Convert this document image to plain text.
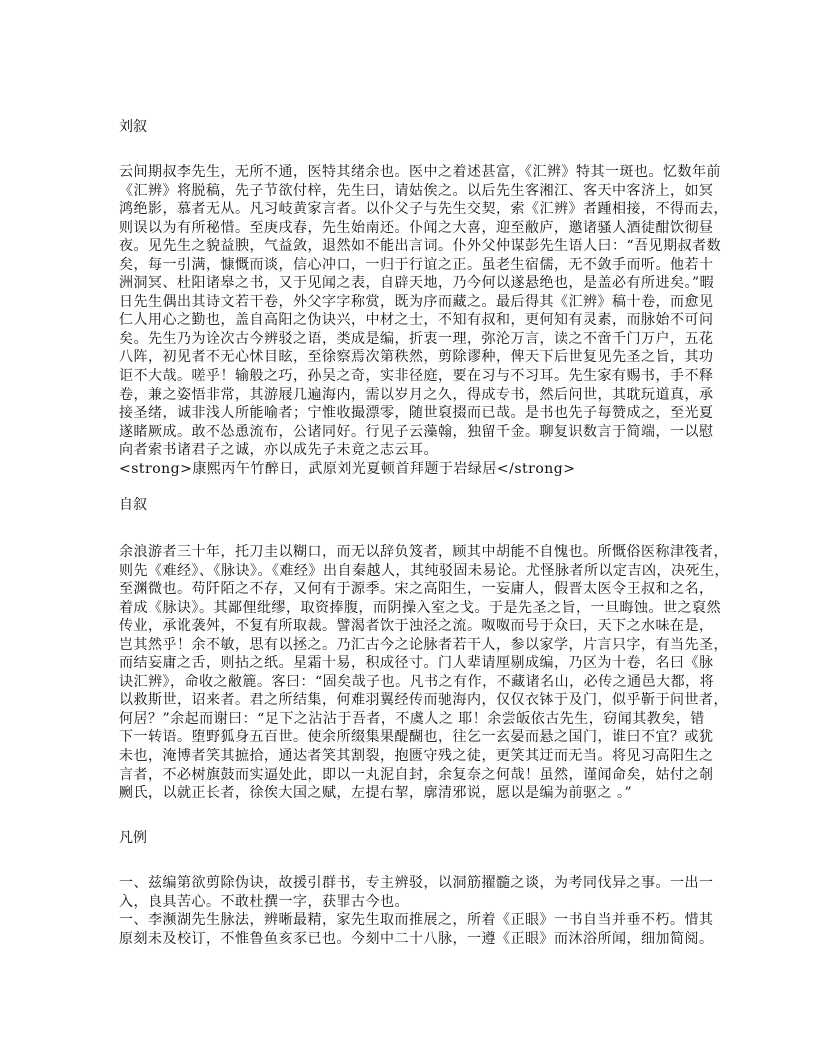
刘叙
云间期叔李先生，无所不通，医特其绪余也。医中之着述甚富，《汇辨》特其一斑也。忆数年前
《汇辨》将脱稿，先子节欲付梓，先生曰，请姑俟之。以后先生客湘江、客天中客济上，如冥
鸿绝影，慕者无从。凡习岐黄家言者。以仆父子与先生交契，索《汇辨》者踵相接，不得而去，
则误以为有所秘惜。至庚戌春，先生始南还。仆闻之大喜，迎至敝庐，邀诸骚人酒徒酣饮彻昼
夜。见先生之貌益腴，气益敛，退然如不能出言词。仆外父仲谋彭先生语人曰：“吾见期叔者数
矣，每一引满，慷慨而谈，信心冲口，一归于行谊之正。虽老生宿儒，无不敛手而听。他若十
洲洞冥、杜阳诸皋之书，又于见闻之表，自辟天地，乃今何以遂悬绝也，是盖必有所进矣。”暇
日先生偶出其诗文若干卷，外父字字称赏，既为序而藏之。最后得其《汇辨》稿十卷，而愈见
仁人用心之勤也，盖自高阳之伪诀兴，中材之士，不知有叔和，更何知有灵素，而脉始不可问
矣。先生乃为诠次古今辨驳之语，类成是编，折衷一理，弥沦万言，读之不啻千门万户，五花
八阵，初见者不无心怵目眩，至徐察焉次第秩然，剪除谬种，俾天下后世复见先圣之旨，其功
讵不大哉。嗟乎！输般之巧，孙吴之奇，实非径庭，要在习与不习耳。先生家有赐书，手不释
卷，兼之姿悟非常，其游屐几遍海内，需以岁月之久，得成专书，然后问世，其耽玩道真，承
接圣绪，诚非浅人所能喻者；宁惟收撮漂零，随世裒掇而已哉。是书也先子每赞成之，至光夏
遂睹厥成。敢不怂恿流布，公诸同好。行见子云藻翰，独留千金。聊复识数言于简端，一以慰
向者索书诸君子之诚，亦以成先子未竟之志云耳。
<strong>康熙丙午竹醉日，武原刘光夏顿首拜题于岩绿居</strong>
自叙
余浪游者三十年，托刀圭以糊口，而无以辞负笈者，顾其中胡能不自愧也。所慨俗医称津筏者，
则先《难经》、《脉诀》。《难经》出自秦越人，其纯驳固未易论。尤怪脉者所以定吉凶，决死生，
至渊微也。苟阡陌之不存，又何有于源季。宋之高阳生，一妄庸人，假晋太医令王叔和之名，
着成《脉诀》。其鄙俚纰缪，取资捧腹，而阴操入室之戈。于是先圣之旨，一旦晦蚀。世之裒然
传业，承讹袭舛，不复有所取裁。譬渴者饮于浊泾之流。呶呶而号于众曰，天下之水味在是，
岂其然乎！余不敏，思有以拯之。乃汇古今之论脉者若干人，参以家学，片言只字，有当先圣，
而结妄庸之舌，则拈之纸。星霜十易，积成径寸。门人辈请厘剔成编，乃区为十卷，名曰《脉
诀汇辨》，命收之敝簏。客曰：“固矣哉子也。凡书之有作，不藏诸名山，必传之通邑大都，将
以救斯世，诏来者。君之所结集，何难羽翼经传而驰海内，仅仅衣钵于及门，似乎靳于问世者，
何居？”余起而谢曰：“足下之沾沾于吾者，不虞人之 耶！余尝皈依古先生，窃闻其教矣，错
下一转语。堕野狐身五百世。使余所缀集果醍醐也，往乞一玄晏而悬之国门，谁曰不宜？或犹
未也，淹博者笑其摭拾，通达者笑其割裂，抱匮守残之徒，更笑其迂而无当。将见习高阳生之
言者，不必树旗鼓而实逼处此，即以一丸泥自封，余复奈之何哉！虽然，谨闻命矣，姑付之剞
劂氏，以就正长者，徐俟大国之赋，左提右挈，廓清邪说，愿以是编为前驱之 。”
凡例
一、兹编第欲剪除伪诀，故援引群书，专主辨驳，以洞筋擢髓之谈，为考同伐异之事。一出一
入，良具苦心。不敢杜撰一字，获罪古今也。
一、李濒湖先生脉法，辨晰最精，家先生取而推展之，所着《正眼》一书自当并垂不朽。惜其
原刻未及校订，不惟鲁鱼亥豕已也。今刻中二十八脉，一遵《正眼》而沐浴所闻，细加简阅。
